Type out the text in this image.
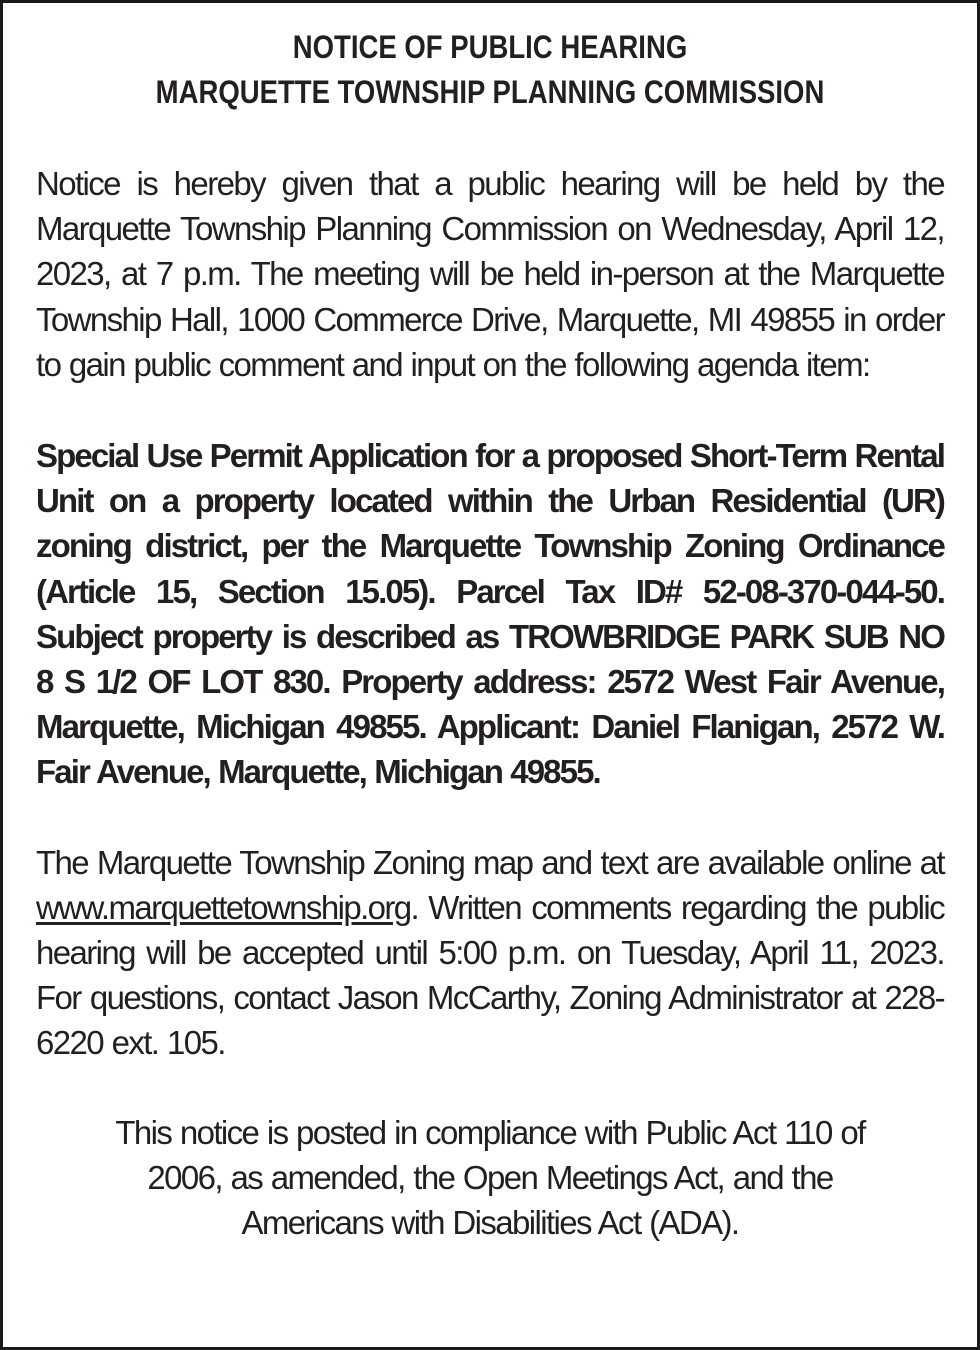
NOTICE OF PUBLIC HEARING
MARQUETTE TOWNSHIP PLANNING COMMISSION

Notice is hereby given that a public hearing will be held by the Marquette Township Planning Commission on Wednesday, April 12, 2023, at 7 p.m. The meeting will be held in-person at the Marquette Township Hall, 1000 Commerce Drive, Marquette, MI 49855 in order to gain public comment and input on the following agenda item:

Special Use Permit Application for a proposed Short-Term Rental Unit on a property located within the Urban Residential (UR) zoning district, per the Marquette Township Zoning Ordinance (Article 15, Section 15.05). Parcel Tax ID# 52-08-370-044-50. Subject property is described as TROWBRIDGE PARK SUB NO 8 S 1/2 OF LOT 830. Property address: 2572 West Fair Avenue, Marquette, Michigan 49855. Applicant: Daniel Flanigan, 2572 W. Fair Avenue, Marquette, Michigan 49855.

The Marquette Township Zoning map and text are available online at www.marquettetownship.org. Written comments regarding the public hearing will be accepted until 5:00 p.m. on Tuesday, April 11, 2023. For questions, contact Jason McCarthy, Zoning Administrator at 228-6220 ext. 105.

This notice is posted in compliance with Public Act 110 of 2006, as amended, the Open Meetings Act, and the Americans with Disabilities Act (ADA).
